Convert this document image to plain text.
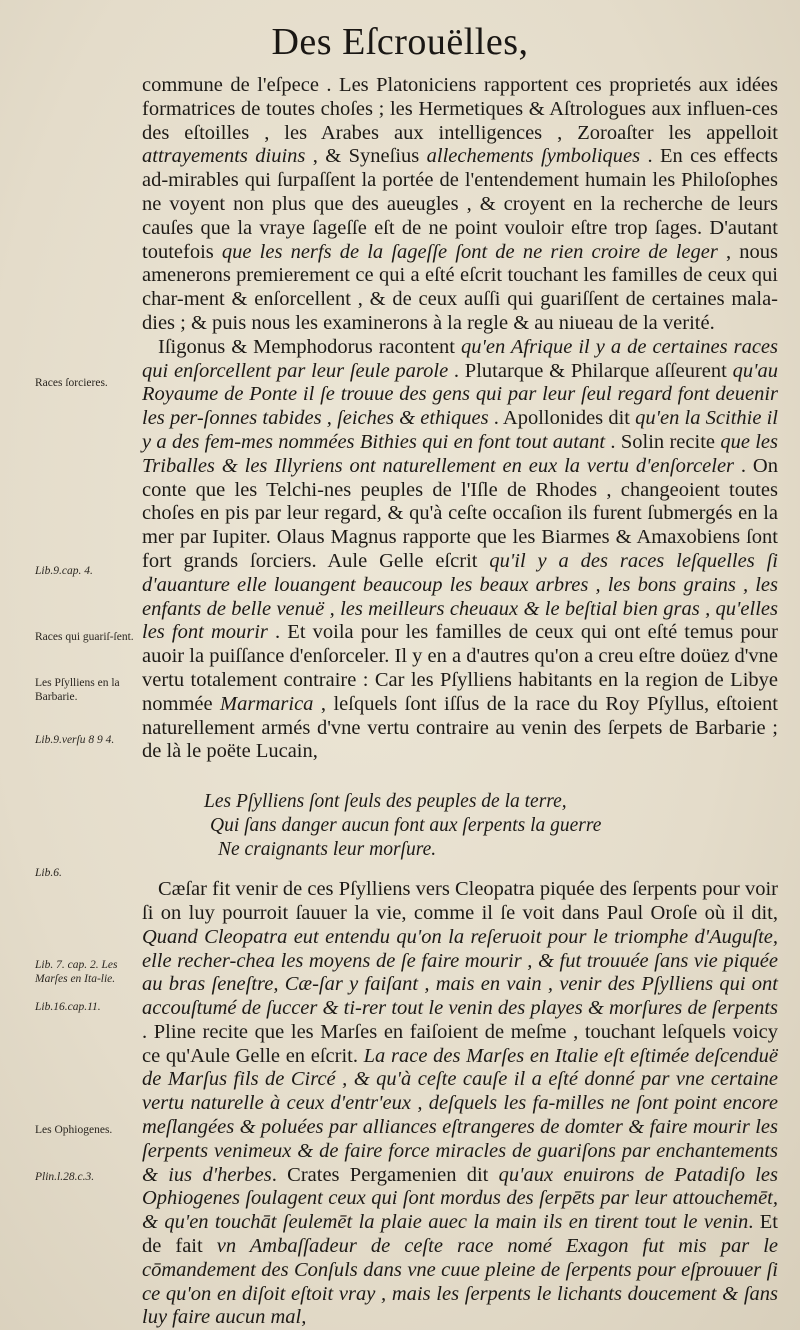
Des Eſcrouëlles,
Races ſorcieres.
Lib.9.cap. 4.
Races qui guariſ-ſent.
Les Pſylliens en la Barbarie.
Lib.9.verſu 8 9 4.
Lib.6.
Lib. 7. cap. 2. Les Marſes en Ita-lie.
Lib.16.cap.11.
Les Ophiogenes.
Plin.l.28.c.3.

commune de l'eſpece . Les Platoniciens rapportent ces proprietés aux idées formatrices de toutes choſes ; les Hermetiques & Aſtrologues aux influen-ces des eſtoilles , les Arabes aux intelligences , Zoroaſter les appelloit attrayements diuins , & Syneſius allechements ſymboliques . En ces effects ad-mirables qui ſurpaſſent la portée de l'entendement humain les Philoſophes ne voyent non plus que des aueugles , & croyent en la recherche de leurs cauſes que la vraye ſageſſe eſt de ne point vouloir eſtre trop ſages. D'autant toutefois que les nerfs de la ſageſſe ſont de ne rien croire de leger , nous amenerons premierement ce qui a eſté eſcrit touchant les familles de ceux qui char-ment & enſorcellent , & de ceux auſſi qui guariſſent de certaines mala-dies ; & puis nous les examinerons à la regle & au niueau de la verité.

Iſigonus & Memphodorus racontent qu'en Afrique il y a de certaines races qui enſorcellent par leur ſeule parole . Plutarque & Philarque aſſeurent qu'au Royaume de Ponte il ſe trouue des gens qui par leur ſeul regard font deuenir les per-ſonnes tabides , ſeiches & ethiques . Apollonides dit qu'en la Scithie il y a des fem-mes nommées Bithies qui en font tout autant . Solin recite que les Triballes & les Illyriens ont naturellement en eux la vertu d'enſorceler . On conte que les Telchi-nes peuples de l'Iſle de Rhodes , changeoient toutes choſes en pis par leur regard, & qu'à ceſte occaſion ils furent ſubmergés en la mer par Iupiter. Olaus Magnus rapporte que les Biarmes & Amaxobiens ſont fort grands ſorciers. Aule Gelle eſcrit qu'il y a des races leſquelles ſi d'auanture elle louangent beaucoup les beaux arbres , les bons grains , les enfants de belle venuë , les meilleurs cheuaux & le beſtial bien gras , qu'elles les font mourir . Et voila pour les familles de ceux qui ont eſté temus pour auoir la puiſſance d'enſorceler. Il y en a d'autres qu'on a creu eſtre doüez d'vne vertu totalement contraire : Car les Pſylliens habitants en la region de Libye nommée Marmarica , leſquels ſont iſſus de la race du Roy Pſyllus, eſtoient naturellement armés d'vne vertu contraire au venin des ſerpets de Barbarie ; de là le poëte Lucain,

Les Pſylliens ſont ſeuls des peuples de la terre,
Qui ſans danger aucun font aux ſerpents la guerre
Ne craignants leur morſure.

Cæſar fit venir de ces Pſylliens vers Cleopatra piquée des ſerpents pour voir ſi on luy pourroit ſauuer la vie, comme il ſe voit dans Paul Oroſe où il dit, Quand Cleopatra eut entendu qu'on la reſeruoit pour le triomphe d'Auguſte, elle recher-chea les moyens de ſe faire mourir , & fut trouuée ſans vie piquée au bras ſeneſtre, Cæ-ſar y faiſant , mais en vain , venir des Pſylliens qui ont accouſtumé de ſuccer & ti-rer tout le venin des playes & morſures de ſerpents . Pline recite que les Marſes en faiſoient de meſme , touchant leſquels voicy ce qu'Aule Gelle en eſcrit. La race des Marſes en Italie eſt eſtimée deſcenduë de Marſus fils de Circé , & qu'à ceſte cauſe il a eſté donné par vne certaine vertu naturelle à ceux d'entr'eux , deſquels les fa-milles ne ſont point encore meſlangées & poluées par alliances eſtrangeres de domter & faire mourir les ſerpents venimeux & de faire force miracles de guariſons par enchantements & ius d'herbes. Crates Pergamenien dit qu'aux enuirons de Patadiſo les Ophiogenes ſoulagent ceux qui ſont mordus des ſerpēts par leur attouchemēt, & qu'en touchāt ſeulemēt la plaie auec la main ils en tirent tout le venin. Et de fait vn Ambaſſadeur de ceſte race nomé Exagon fut mis par le cōmandement des Conſuls dans vne cuue pleine de ſerpents pour eſprouuer ſi ce qu'on en diſoit eſtoit vray , mais les ſerpents le lichants doucement & ſans luy faire aucun mal,
